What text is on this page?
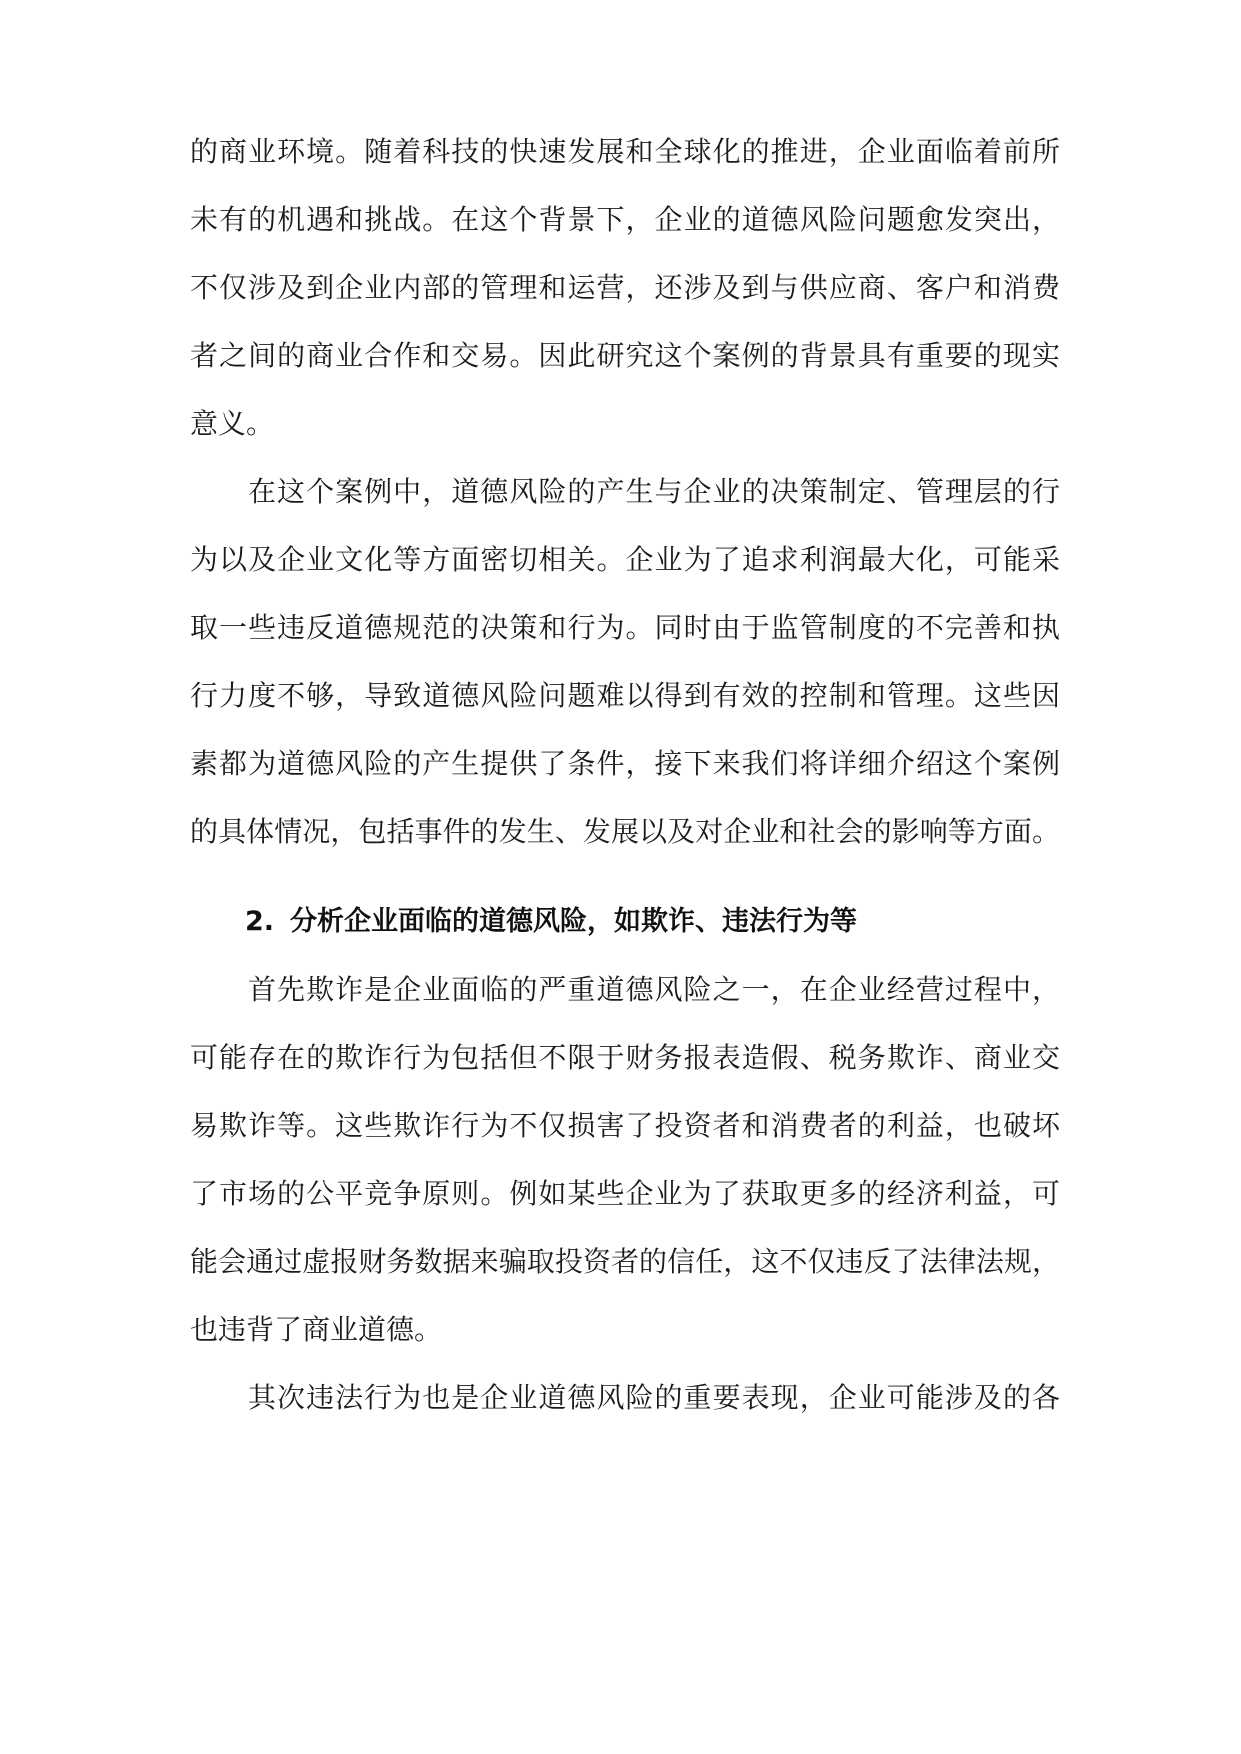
的商业环境。随着科技的快速发展和全球化的推进，企业面临着前所
未有的机遇和挑战。在这个背景下，企业的道德风险问题愈发突出，
不仅涉及到企业内部的管理和运营，还涉及到与供应商、客户和消费
者之间的商业合作和交易。因此研究这个案例的背景具有重要的现实
意义。
在这个案例中，道德风险的产生与企业的决策制定、管理层的行
为以及企业文化等方面密切相关。企业为了追求利润最大化，可能采
取一些违反道德规范的决策和行为。同时由于监管制度的不完善和执
行力度不够，导致道德风险问题难以得到有效的控制和管理。这些因
素都为道德风险的产生提供了条件，接下来我们将详细介绍这个案例
的具体情况，包括事件的发生、发展以及对企业和社会的影响等方面。
2. 分析企业面临的道德风险，如欺诈、违法行为等
首先欺诈是企业面临的严重道德风险之一，在企业经营过程中，
可能存在的欺诈行为包括但不限于财务报表造假、税务欺诈、商业交
易欺诈等。这些欺诈行为不仅损害了投资者和消费者的利益，也破坏
了市场的公平竞争原则。例如某些企业为了获取更多的经济利益，可
能会通过虚报财务数据来骗取投资者的信任，这不仅违反了法律法规，
也违背了商业道德。
其次违法行为也是企业道德风险的重要表现，企业可能涉及的各
